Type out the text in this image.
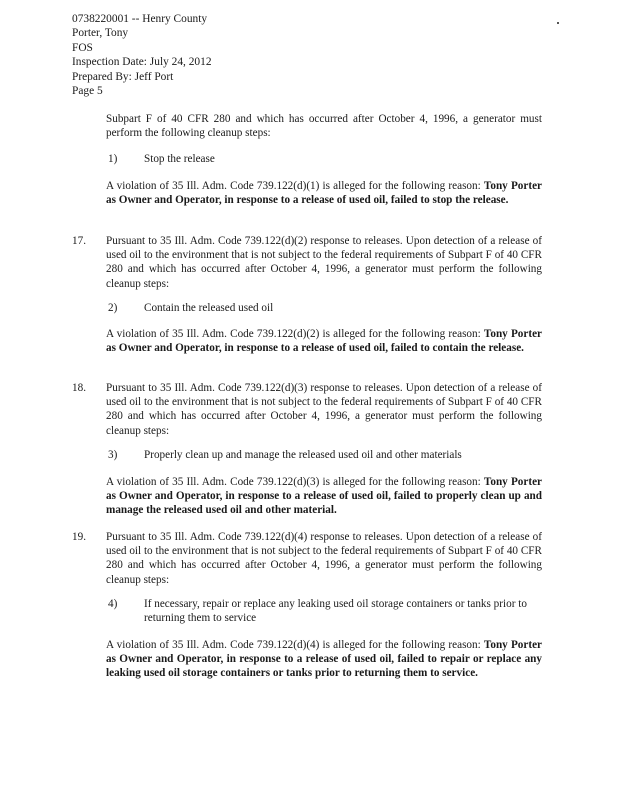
0738220001 -- Henry County
Porter, Tony
FOS
Inspection Date: July 24, 2012
Prepared By: Jeff Port
Page 5
Subpart F of 40 CFR 280 and which has occurred after October 4, 1996, a generator must perform the following cleanup steps:
1) Stop the release
A violation of 35 Ill. Adm. Code 739.122(d)(1) is alleged for the following reason: Tony Porter as Owner and Operator, in response to a release of used oil, failed to stop the release.
17. Pursuant to 35 Ill. Adm. Code 739.122(d)(2) response to releases. Upon detection of a release of used oil to the environment that is not subject to the federal requirements of Subpart F of 40 CFR 280 and which has occurred after October 4, 1996, a generator must perform the following cleanup steps:
2) Contain the released used oil
A violation of 35 Ill. Adm. Code 739.122(d)(2) is alleged for the following reason: Tony Porter as Owner and Operator, in response to a release of used oil, failed to contain the release.
18. Pursuant to 35 Ill. Adm. Code 739.122(d)(3) response to releases. Upon detection of a release of used oil to the environment that is not subject to the federal requirements of Subpart F of 40 CFR 280 and which has occurred after October 4, 1996, a generator must perform the following cleanup steps:
3) Properly clean up and manage the released used oil and other materials
A violation of 35 Ill. Adm. Code 739.122(d)(3) is alleged for the following reason: Tony Porter as Owner and Operator, in response to a release of used oil, failed to properly clean up and manage the released used oil and other material.
19. Pursuant to 35 Ill. Adm. Code 739.122(d)(4) response to releases. Upon detection of a release of used oil to the environment that is not subject to the federal requirements of Subpart F of 40 CFR 280 and which has occurred after October 4, 1996, a generator must perform the following cleanup steps:
4) If necessary, repair or replace any leaking used oil storage containers or tanks prior to returning them to service
A violation of 35 Ill. Adm. Code 739.122(d)(4) is alleged for the following reason: Tony Porter as Owner and Operator, in response to a release of used oil, failed to repair or replace any leaking used oil storage containers or tanks prior to returning them to service.
